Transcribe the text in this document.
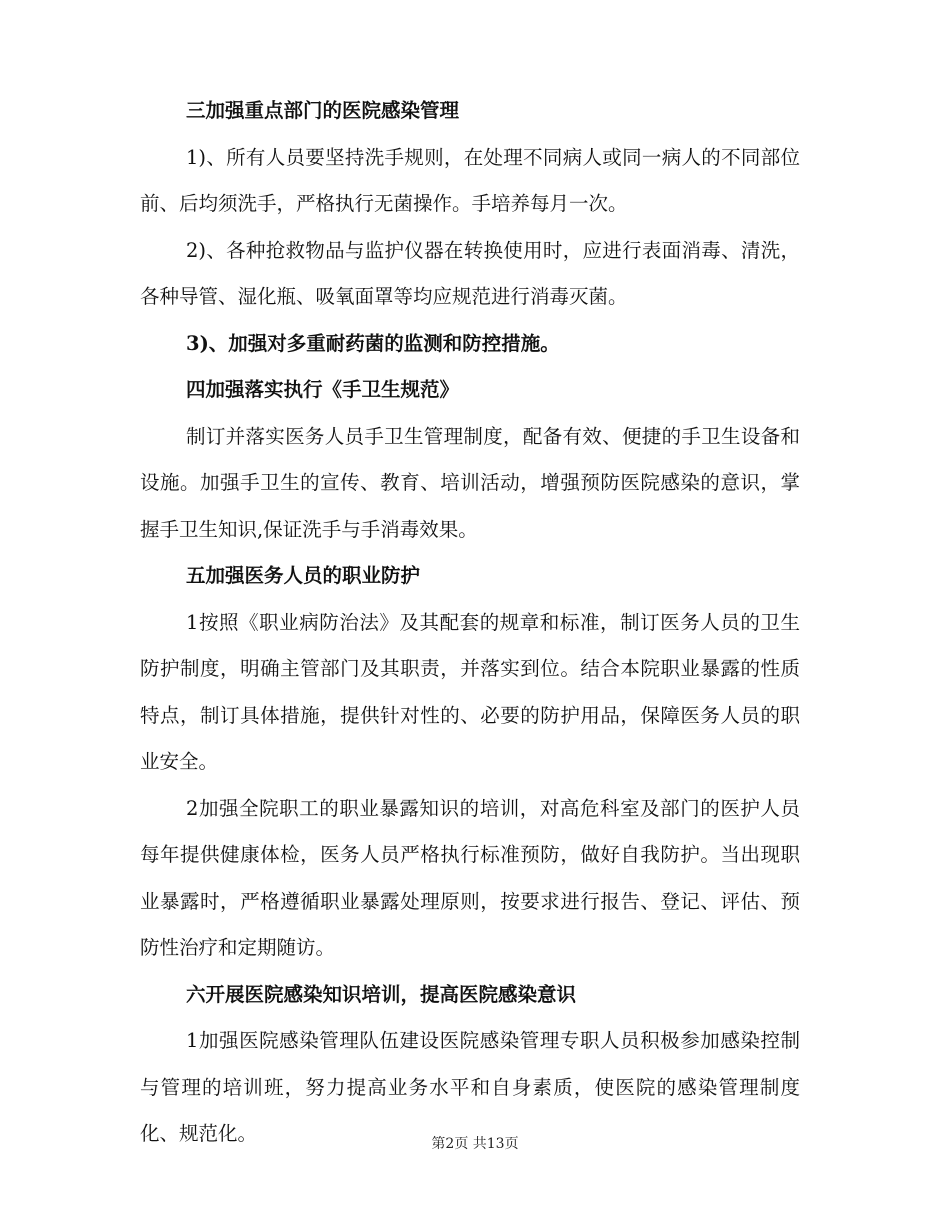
三加强重点部门的医院感染管理

1)、所有人员要坚持洗手规则，在处理不同病人或同一病人的不同部位前、后均须洗手，严格执行无菌操作。手培养每月一次。

2)、各种抢救物品与监护仪器在转换使用时，应进行表面消毒、清洗，各种导管、湿化瓶、吸氧面罩等均应规范进行消毒灭菌。

3)、加强对多重耐药菌的监测和防控措施。

四加强落实执行《手卫生规范》

制订并落实医务人员手卫生管理制度，配备有效、便捷的手卫生设备和设施。加强手卫生的宣传、教育、培训活动，增强预防医院感染的意识，掌握手卫生知识,保证洗手与手消毒效果。

五加强医务人员的职业防护

1按照《职业病防治法》及其配套的规章和标准，制订医务人员的卫生防护制度，明确主管部门及其职责，并落实到位。结合本院职业暴露的性质特点，制订具体措施，提供针对性的、必要的防护用品，保障医务人员的职业安全。

2加强全院职工的职业暴露知识的培训，对高危科室及部门的医护人员每年提供健康体检，医务人员严格执行标准预防，做好自我防护。当出现职业暴露时，严格遵循职业暴露处理原则，按要求进行报告、登记、评估、预防性治疗和定期随访。

六开展医院感染知识培训，提高医院感染意识

1加强医院感染管理队伍建设医院感染管理专职人员积极参加感染控制与管理的培训班，努力提高业务水平和自身素质，使医院的感染管理制度化、规范化。	第2页 共13页
